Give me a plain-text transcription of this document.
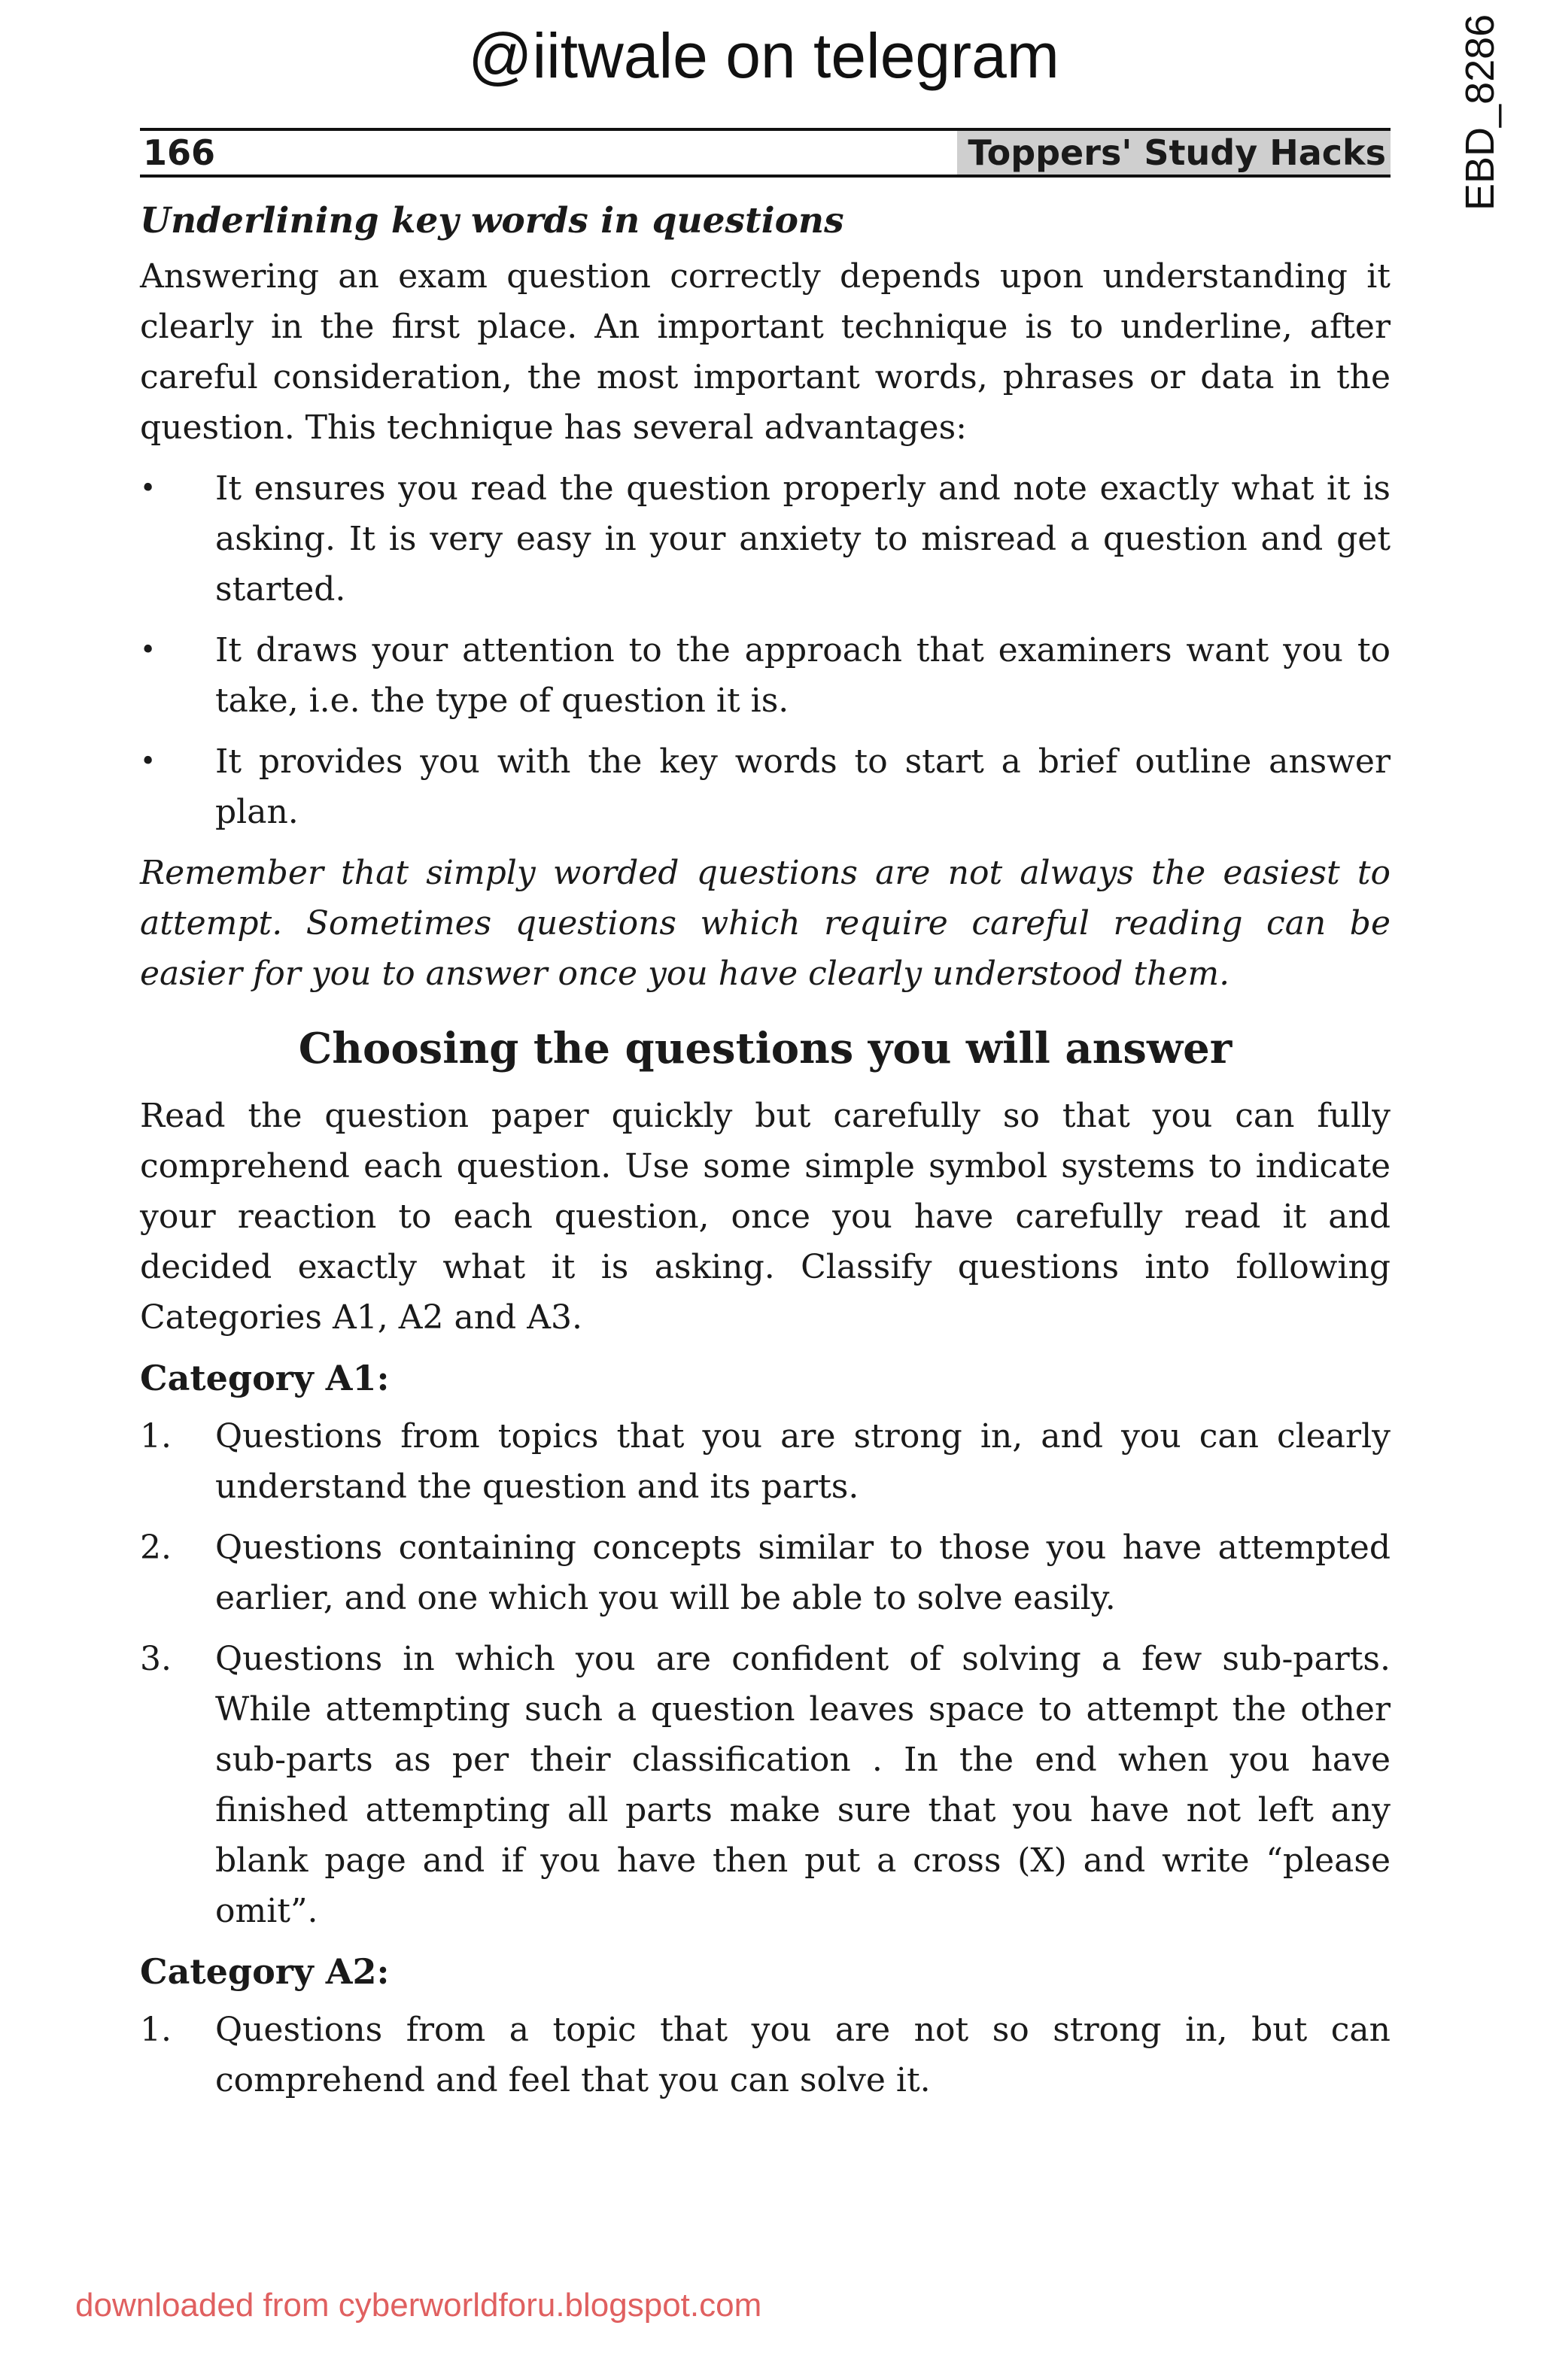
@iitwale on telegram	EBD_8286
166	Toppers' Study Hacks
Underlining key words in questions

Answering an exam question correctly depends upon understanding it clearly in the first place. An important technique is to underline, after careful consideration, the most important words, phrases or data in the question. This technique has several advantages:

•	It ensures you read the question properly and note exactly what it is asking. It is very easy in your anxiety to misread a question and get started.
•	It draws your attention to the approach that examiners want you to take, i.e. the type of question it is.
•	It provides you with the key words to start a brief outline answer plan.

Remember that simply worded questions are not always the easiest to attempt. Sometimes questions which require careful reading can be easier for you to answer once you have clearly understood them.

Choosing the questions you will answer

Read the question paper quickly but carefully so that you can fully comprehend each question. Use some simple symbol systems to indicate your reaction to each question, once you have carefully read it and decided exactly what it is asking. Classify questions into following Categories A1, A2 and A3.

Category A1:
1.	Questions from topics that you are strong in, and you can clearly understand the question and its parts.
2.	Questions containing concepts similar to those you have attempted earlier, and one which you will be able to solve easily.
3.	Questions in which you are confident of solving a few sub-parts. While attempting such a question leaves space to attempt the other sub-parts as per their classification . In the end when you have finished attempting all parts make sure that you have not left any blank page and if you have then put a cross (X) and write “please omit”.
Category A2:
1.	Questions from a topic that you are not so strong in, but can comprehend and feel that you can solve it.
downloaded from cyberworldforu.blogspot.com
